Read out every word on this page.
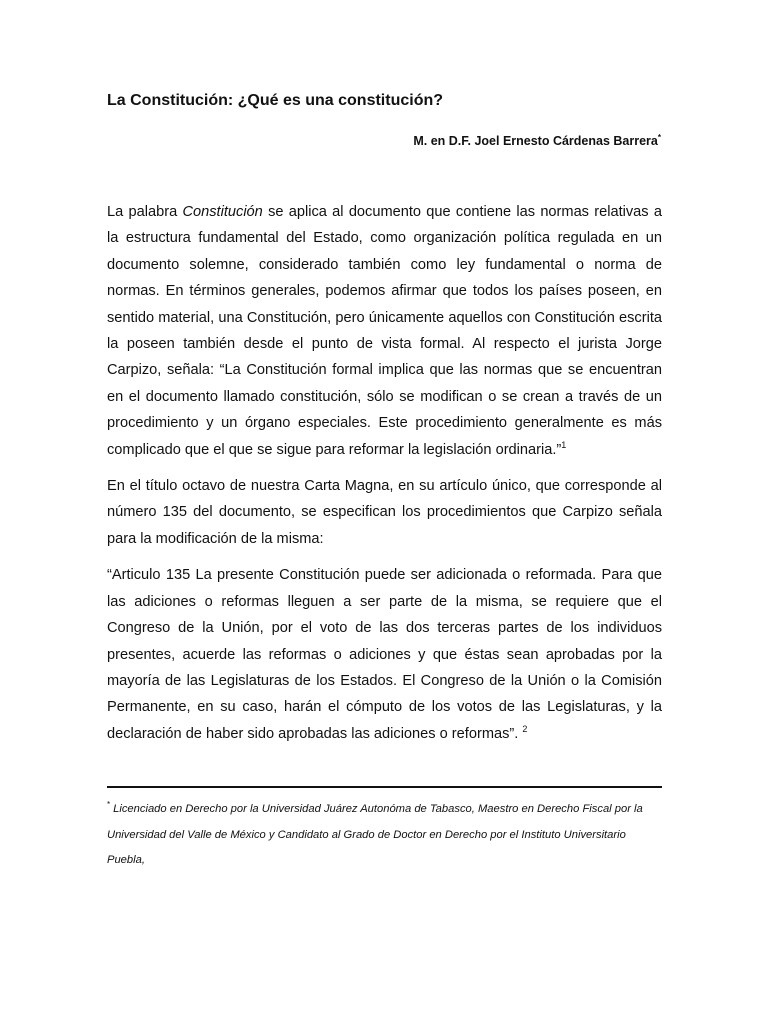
La Constitución: ¿Qué es una constitución?
M. en D.F. Joel Ernesto Cárdenas Barrera*

La palabra Constitución se aplica al documento que contiene las normas relativas a la estructura fundamental del Estado, como organización política regulada en un documento solemne, considerado también como ley fundamental o norma de normas. En términos generales, podemos afirmar que todos los países poseen, en sentido material, una Constitución, pero únicamente aquellos con Constitución escrita la poseen también desde el punto de vista formal. Al respecto el jurista Jorge Carpizo, señala: “La Constitución formal implica que las normas que se encuentran en el documento llamado constitución, sólo se modifican o se crean a través de un procedimiento y un órgano especiales. Este procedimiento generalmente es más complicado que el que se sigue para reformar la legislación ordinaria.”$^1$

En el título octavo de nuestra Carta Magna, en su artículo único, que corresponde al número 135 del documento, se especifican los procedimientos que Carpizo señala para la modificación de la misma:

“Articulo 135 La presente Constitución puede ser adicionada o reformada. Para que las adiciones o reformas lleguen a ser parte de la misma, se requiere que el Congreso de la Unión, por el voto de las dos terceras partes de los individuos presentes, acuerde las reformas o adiciones y que éstas sean aprobadas por la mayoría de las Legislaturas de los Estados. El Congreso de la Unión o la Comisión Permanente, en su caso, harán el cómputo de los votos de las Legislaturas, y la declaración de haber sido aprobadas las adiciones o reformas”. $^2$

* Licenciado en Derecho por la Universidad Juárez Autonóma de Tabasco, Maestro en Derecho Fiscal por la Universidad del Valle de México y Candidato al Grado de Doctor en Derecho por el Instituto Universitario Puebla,
